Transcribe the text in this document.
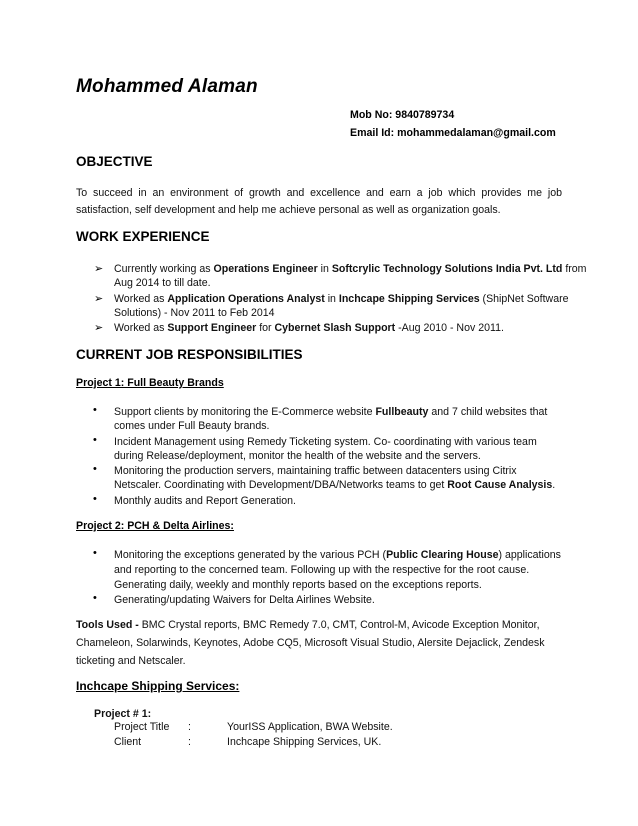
Mohammed Alaman
Mob No: 9840789734
Email Id: mohammedalaman@gmail.com
OBJECTIVE
To succeed in an environment of growth and excellence and earn a job which provides me job satisfaction, self development and help me achieve personal as well as organization goals.
WORK EXPERIENCE
➢ Currently working as Operations Engineer in Softcrylic Technology Solutions India Pvt. Ltd from
Aug 2014 to till date.
➢ Worked as Application Operations Analyst in Inchcape Shipping Services (ShipNet Software
Solutions) - Nov 2011 to Feb 2014
➢ Worked as Support Engineer for Cybernet Slash Support -Aug 2010 - Nov 2011.
CURRENT JOB RESPONSIBILITIES
Project 1: Full Beauty Brands
• Support clients by monitoring the E-Commerce website Fullbeauty and 7 child websites that
comes under Full Beauty brands.
• Incident Management using Remedy Ticketing system. Co- coordinating with various team
during Release/deployment, monitor the health of the website and the servers.
• Monitoring the production servers, maintaining traffic between datacenters using Citrix
Netscaler. Coordinating with Development/DBA/Networks teams to get Root Cause Analysis.
• Monthly audits and Report Generation.
Project 2: PCH & Delta Airlines:
• Monitoring the exceptions generated by the various PCH (Public Clearing House) applications
and reporting to the concerned team. Following up with the respective for the root cause.
Generating daily, weekly and monthly reports based on the exceptions reports.
• Generating/updating Waivers for Delta Airlines Website.
Tools Used - BMC Crystal reports, BMC Remedy 7.0, CMT, Control-M, Avicode Exception Monitor,
Chameleon, Solarwinds, Keynotes, Adobe CQ5, Microsoft Visual Studio, Alersite Dejaclick, Zendesk
ticketing and Netscaler.
Inchcape Shipping Services:
Project # 1:
Project Title :	YourISS Application, BWA Website.
Client	:	Inchcape Shipping Services, UK.
